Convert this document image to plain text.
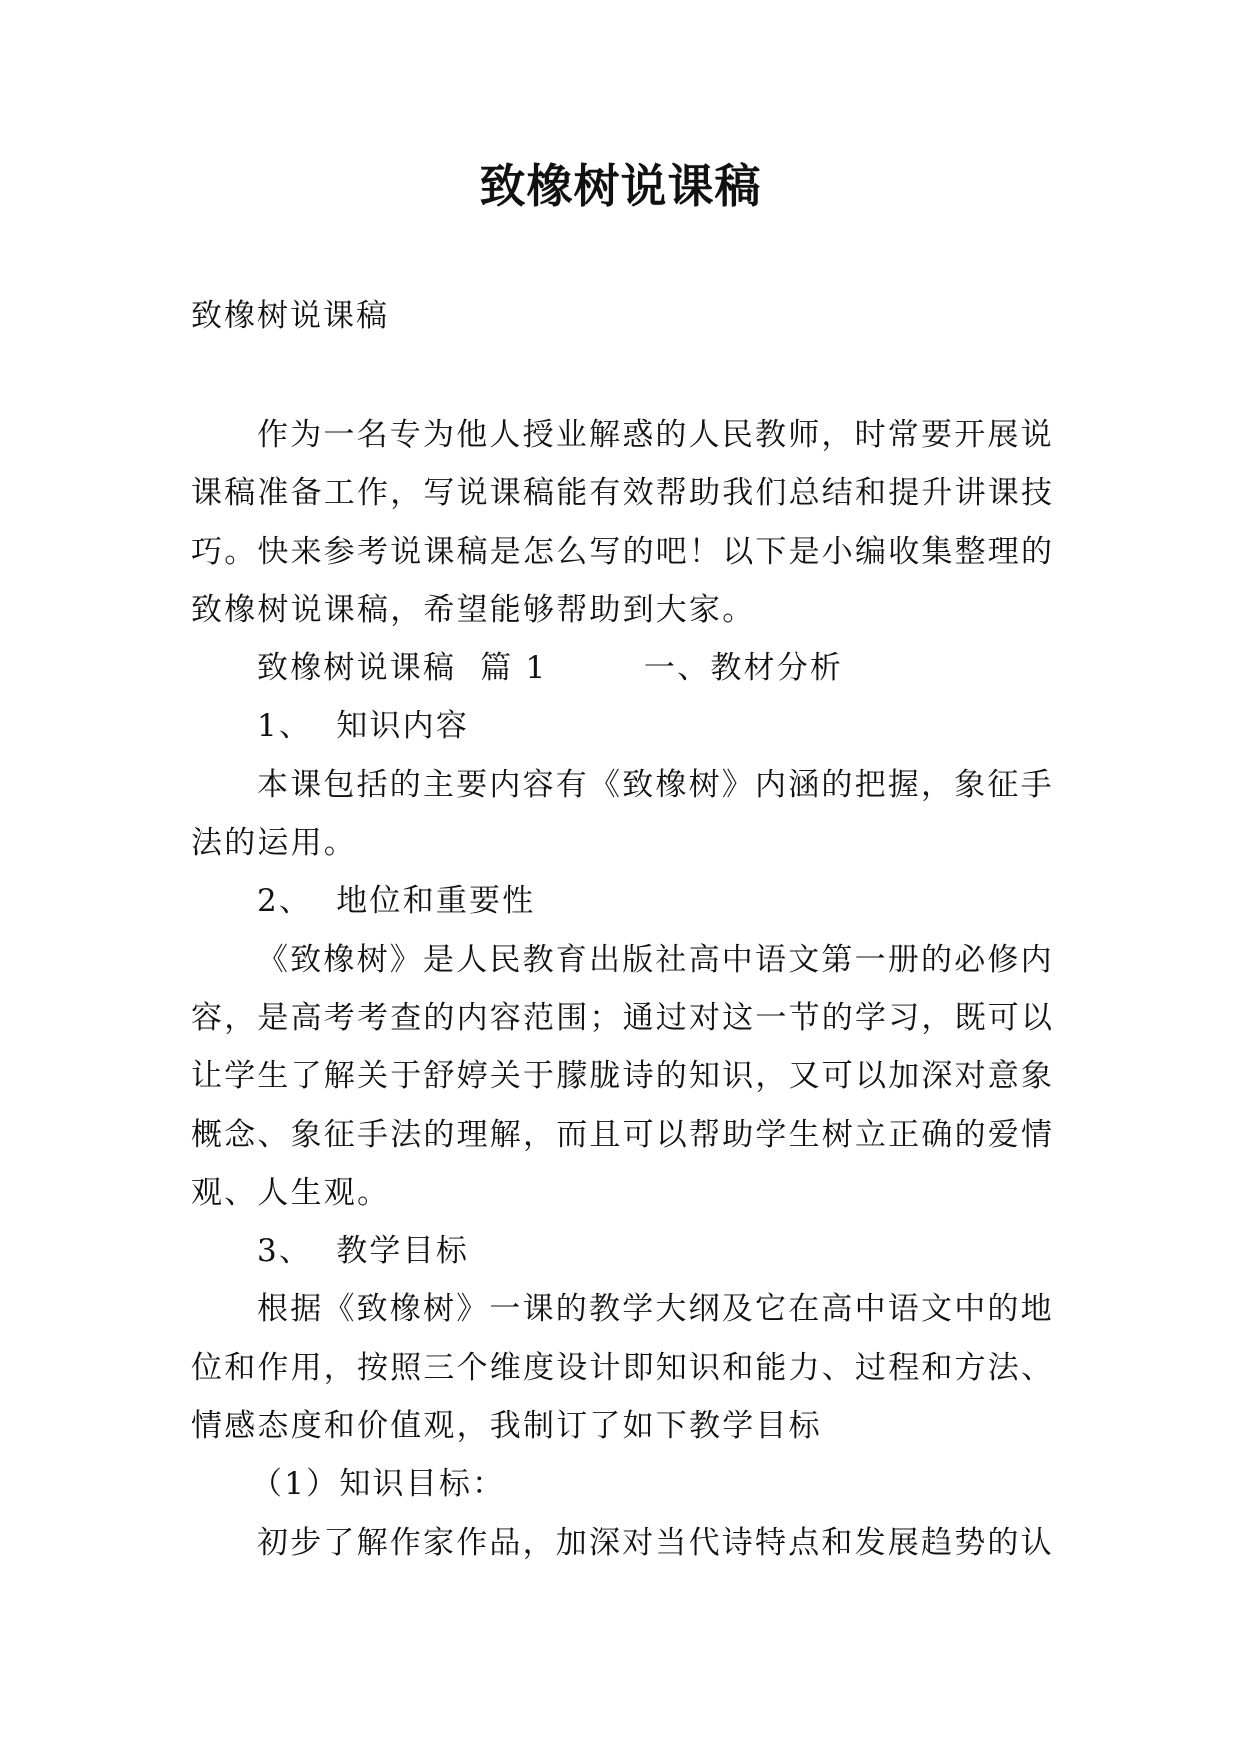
致橡树说课稿
致橡树说课稿
作为一名专为他人授业解惑的人民教师，时常要开展说
课稿准备工作，写说课稿能有效帮助我们总结和提升讲课技
巧。快来参考说课稿是怎么写的吧！以下是小编收集整理的
致橡树说课稿，希望能够帮助到大家。
致橡树说课稿  篇 1        一、教材分析
1、  知识内容
本课包括的主要内容有《致橡树》内涵的把握，象征手
法的运用。
2、  地位和重要性
《致橡树》是人民教育出版社高中语文第一册的必修内
容，是高考考查的内容范围；通过对这一节的学习，既可以
让学生了解关于舒婷关于朦胧诗的知识，又可以加深对意象
概念、象征手法的理解，而且可以帮助学生树立正确的爱情
观、人生观。
3、  教学目标
根据《致橡树》一课的教学大纲及它在高中语文中的地
位和作用，按照三个维度设计即知识和能力、过程和方法、
情感态度和价值观，我制订了如下教学目标
（1）知识目标：
初步了解作家作品，加深对当代诗特点和发展趋势的认
